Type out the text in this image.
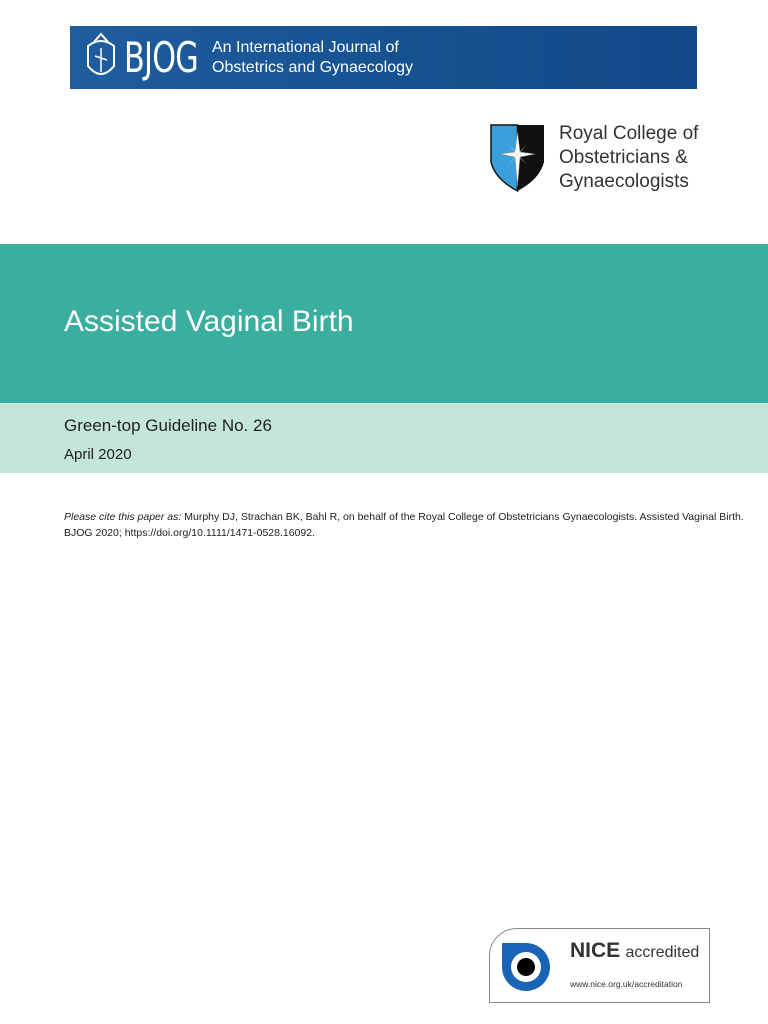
BJOG An International Journal of
Obstetrics and Gynaecology
Royal College of
Obstetricians &
Gynaecologists
Assisted Vaginal Birth
Green-top Guideline No. 26
April 2020

Please cite this paper as: Murphy DJ, Strachan BK, Bahl R, on behalf of the Royal College of Obstetricians Gynaecologists. Assisted Vaginal Birth. BJOG 2020; https://doi.org/10.1111/1471-0528.16092.

NICE accredited
www.nice.org.uk/accreditation
